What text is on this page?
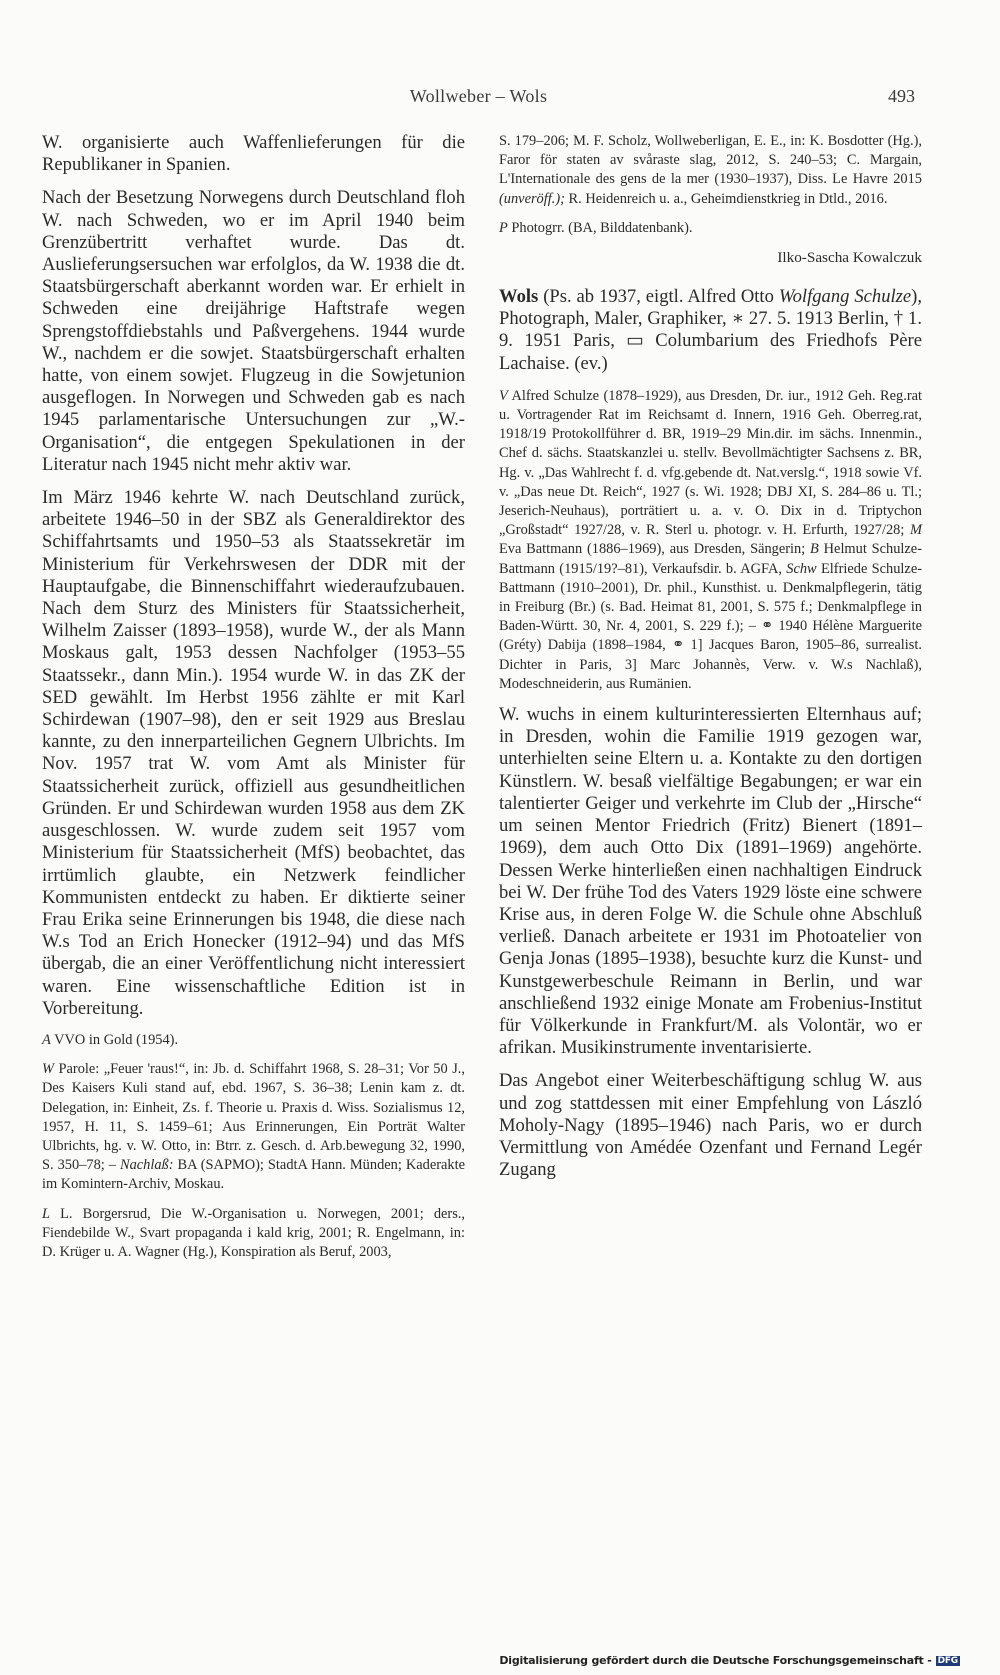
Wollweber – Wols	493

W. organisierte auch Waffenlieferungen für die Republikaner in Spanien.

Nach der Besetzung Norwegens durch Deutschland floh W. nach Schweden, wo er im April 1940 beim Grenzübertritt verhaftet wurde. Das dt. Auslieferungsersuchen war erfolglos, da W. 1938 die dt. Staatsbürgerschaft aberkannt worden war. Er erhielt in Schweden eine dreijährige Haftstrafe wegen Sprengstoffdiebstahls und Paßvergehens. 1944 wurde W., nachdem er die sowjet. Staatsbürgerschaft erhalten hatte, von einem sowjet. Flugzeug in die Sowjetunion ausgeflogen. In Norwegen und Schweden gab es nach 1945 parlamentarische Untersuchungen zur „W.-Organisation“, die entgegen Spekulationen in der Literatur nach 1945 nicht mehr aktiv war.

Im März 1946 kehrte W. nach Deutschland zurück, arbeitete 1946–50 in der SBZ als Generaldirektor des Schiffahrtsamts und 1950–53 als Staatssekretär im Ministerium für Verkehrswesen der DDR mit der Hauptaufgabe, die Binnenschiffahrt wiederaufzubauen. Nach dem Sturz des Ministers für Staatssicherheit, Wilhelm Zaisser (1893–1958), wurde W., der als Mann Moskaus galt, 1953 dessen Nachfolger (1953–55 Staatssekr., dann Min.). 1954 wurde W. in das ZK der SED gewählt. Im Herbst 1956 zählte er mit Karl Schirdewan (1907–98), den er seit 1929 aus Breslau kannte, zu den innerparteilichen Gegnern Ulbrichts. Im Nov. 1957 trat W. vom Amt als Minister für Staatssicherheit zurück, offiziell aus gesundheitlichen Gründen. Er und Schirdewan wurden 1958 aus dem ZK ausgeschlossen. W. wurde zudem seit 1957 vom Ministerium für Staatssicherheit (MfS) beobachtet, das irrtümlich glaubte, ein Netzwerk feindlicher Kommunisten entdeckt zu haben. Er diktierte seiner Frau Erika seine Erinnerungen bis 1948, die diese nach W.s Tod an Erich Honecker (1912–94) und das MfS übergab, die an einer Veröffentlichung nicht interessiert waren. Eine wissenschaftliche Edition ist in Vorbereitung.

A VVO in Gold (1954).

W Parole: „Feuer 'raus!“, in: Jb. d. Schiffahrt 1968, S. 28–31; Vor 50 J., Des Kaisers Kuli stand auf, ebd. 1967, S. 36–38; Lenin kam z. dt. Delegation, in: Einheit, Zs. f. Theorie u. Praxis d. Wiss. Sozialismus 12, 1957, H. 11, S. 1459–61; Aus Erinnerungen, Ein Porträt Walter Ulbrichts, hg. v. W. Otto, in: Btrr. z. Gesch. d. Arb.bewegung 32, 1990, S. 350–78; – Nachlaß: BA (SAPMO); StadtA Hann. Münden; Kaderakte im Komintern-Archiv, Moskau.

L L. Borgersrud, Die W.-Organisation u. Norwegen, 2001; ders., Fiendebilde W., Svart propaganda i kald krig, 2001; R. Engelmann, in: D. Krüger u. A. Wagner (Hg.), Konspiration als Beruf, 2003,

S. 179–206; M. F. Scholz, Wollweberligan, E. E., in: K. Bosdotter (Hg.), Faror för staten av svåraste slag, 2012, S. 240–53; C. Margain, L'Internationale des gens de la mer (1930–1937), Diss. Le Havre 2015 (unveröff.); R. Heidenreich u. a., Geheimdienstkrieg in Dtld., 2016.

P Photogrr. (BA, Bilddatenbank).

Ilko-Sascha Kowalczuk

Wols (Ps. ab 1937, eigtl. Alfred Otto Wolfgang Schulze), Photograph, Maler, Graphiker, ∗ 27. 5. 1913 Berlin, † 1. 9. 1951 Paris, ▭ Columbarium des Friedhofs Père Lachaise. (ev.)

V Alfred Schulze (1878–1929), aus Dresden, Dr. iur., 1912 Geh. Reg.rat u. Vortragender Rat im Reichsamt d. Innern, 1916 Geh. Oberreg.rat, 1918/19 Protokollführer d. BR, 1919–29 Min.dir. im sächs. Innenmin., Chef d. sächs. Staatskanzlei u. stellv. Bevollmächtigter Sachsens z. BR, Hg. v. „Das Wahlrecht f. d. vfg.gebende dt. Nat.verslg.“, 1918 sowie Vf. v. „Das neue Dt. Reich“, 1927 (s. Wi. 1928; DBJ XI, S. 284–86 u. Tl.; Jeserich-Neuhaus), porträtiert u. a. v. O. Dix in d. Triptychon „Großstadt“ 1927/28, v. R. Sterl u. photogr. v. H. Erfurth, 1927/28; M Eva Battmann (1886–1969), aus Dresden, Sängerin; B Helmut Schulze-Battmann (1915/19?–81), Verkaufsdir. b. AGFA, Schw Elfriede Schulze-Battmann (1910–2001), Dr. phil., Kunsthist. u. Denkmalpflegerin, tätig in Freiburg (Br.) (s. Bad. Heimat 81, 2001, S. 575 f.; Denkmalpflege in Baden-Württ. 30, Nr. 4, 2001, S. 229 f.); – ⚭ 1940 Hélène Marguerite (Gréty) Dabija (1898–1984, ⚭ 1] Jacques Baron, 1905–86, surrealist. Dichter in Paris, 3] Marc Johannès, Verw. v. W.s Nachlaß), Modeschneiderin, aus Rumänien.

W. wuchs in einem kulturinteressierten Elternhaus auf; in Dresden, wohin die Familie 1919 gezogen war, unterhielten seine Eltern u. a. Kontakte zu den dortigen Künstlern. W. besaß vielfältige Begabungen; er war ein talentierter Geiger und verkehrte im Club der „Hirsche“ um seinen Mentor Friedrich (Fritz) Bienert (1891–1969), dem auch Otto Dix (1891–1969) angehörte. Dessen Werke hinterließen einen nachhaltigen Eindruck bei W. Der frühe Tod des Vaters 1929 löste eine schwere Krise aus, in deren Folge W. die Schule ohne Abschluß verließ. Danach arbeitete er 1931 im Photoatelier von Genja Jonas (1895–1938), besuchte kurz die Kunst- und Kunstgewerbeschule Reimann in Berlin, und war anschließend 1932 einige Monate am Frobenius-Institut für Völkerkunde in Frankfurt/M. als Volontär, wo er afrikan. Musikinstrumente inventarisierte.

Das Angebot einer Weiterbeschäftigung schlug W. aus und zog stattdessen mit einer Empfehlung von László Moholy-Nagy (1895–1946) nach Paris, wo er durch Vermittlung von Amédée Ozenfant und Fernand Legér Zugang

Digitalisierung gefördert durch die Deutsche Forschungsgemeinschaft - DFG
